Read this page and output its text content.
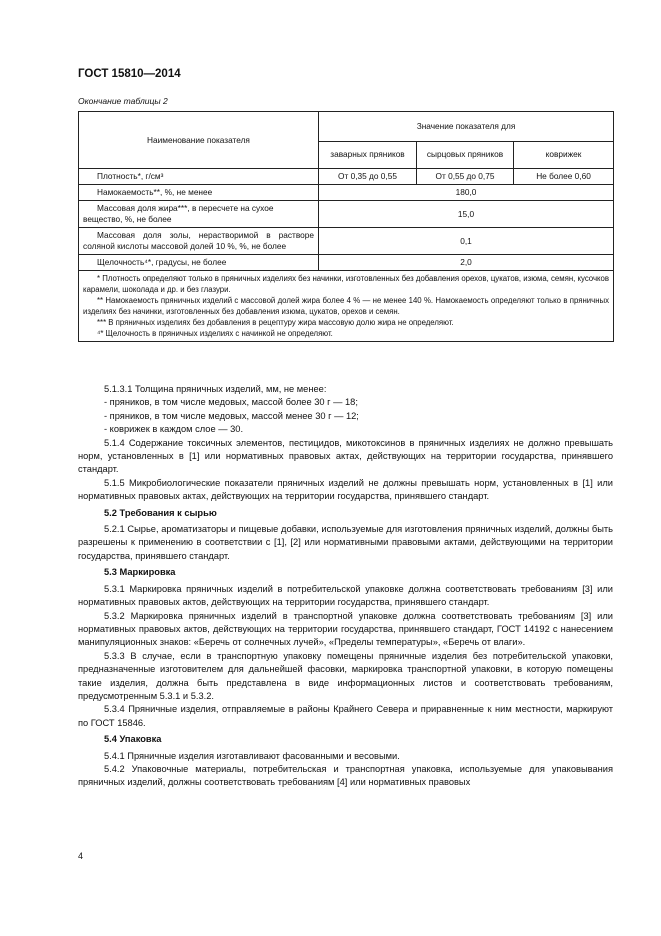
ГОСТ 15810—2014
Окончание таблицы 2
Наименование показателя	Значение показателя для		
	заварных пряников	сырцовых пряников	коврижек
Плотность*, г/см³	От 0,35 до 0,55	От 0,55 до 0,75	Не более 0,60
Намокаемость**, %, не менее	180,0		
Массовая доля жира***, в пересчете на сухое вещество, %, не более	15,0		
Массовая доля золы, нерастворимой в растворе соляной кислоты массовой долей 10 %, %, не более	0,1		
Щелочность⁴*, градусы, не более	2,0		

* Плотность определяют только в пряничных изделиях без начинки, изготовленных без добавления орехов, цукатов, изюма, семян, кусочков карамели, шоколада и др. и без глазури.

** Намокаемость пряничных изделий с массовой долей жира более 4 % — не менее 140 %. Намокаемость определяют только в пряничных изделиях без начинки, изготовленных без добавления изюма, цукатов, орехов и семян.

*** В пряничных изделиях без добавления в рецептуру жира массовую долю жира не определяют.

⁴* Щелочность в пряничных изделиях с начинкой не определяют.			

5.1.3.1 Толщина пряничных изделий, мм, не менее:

- пряников, в том числе медовых, массой более 30 г — 18;

- пряников, в том числе медовых, массой менее 30 г — 12;

- коврижек в каждом слое — 30.

5.1.4 Содержание токсичных элементов, пестицидов, микотоксинов в пряничных изделиях не должно превышать норм, установленных в [1] или нормативных правовых актах, действующих на территории государства, принявшего стандарт.

5.1.5 Микробиологические показатели пряничных изделий не должны превышать норм, установленных в [1] или нормативных правовых актах, действующих на территории государства, принявшего стандарт.

5.2 Требования к сырью

5.2.1 Сырье, ароматизаторы и пищевые добавки, используемые для изготовления пряничных изделий, должны быть разрешены к применению в соответствии с [1], [2] или нормативными правовыми актами, действующими на территории государства, принявшего стандарт.

5.3 Маркировка

5.3.1 Маркировка пряничных изделий в потребительской упаковке должна соответствовать требованиям [3] или нормативных правовых актов, действующих на территории государства, принявшего стандарт.

5.3.2 Маркировка пряничных изделий в транспортной упаковке должна соответствовать требованиям [3] или нормативных правовых актов, действующих на территории государства, принявшего стандарт, ГОСТ 14192 с нанесением манипуляционных знаков: «Беречь от солнечных лучей», «Пределы температуры», «Беречь от влаги».

5.3.3 В случае, если в транспортную упаковку помещены пряничные изделия без потребительской упаковки, предназначенные изготовителем для дальнейшей фасовки, маркировка транспортной упаковки, в которую помещены такие изделия, должна быть представлена в виде информационных листов и соответствовать требованиям, предусмотренным 5.3.1 и 5.3.2.

5.3.4 Пряничные изделия, отправляемые в районы Крайнего Севера и приравненные к ним местности, маркируют по ГОСТ 15846.

5.4 Упаковка

5.4.1 Пряничные изделия изготавливают фасованными и весовыми.

5.4.2 Упаковочные материалы, потребительская и транспортная упаковка, используемые для упаковывания пряничных изделий, должны соответствовать требованиям [4] или нормативных правовых

4
